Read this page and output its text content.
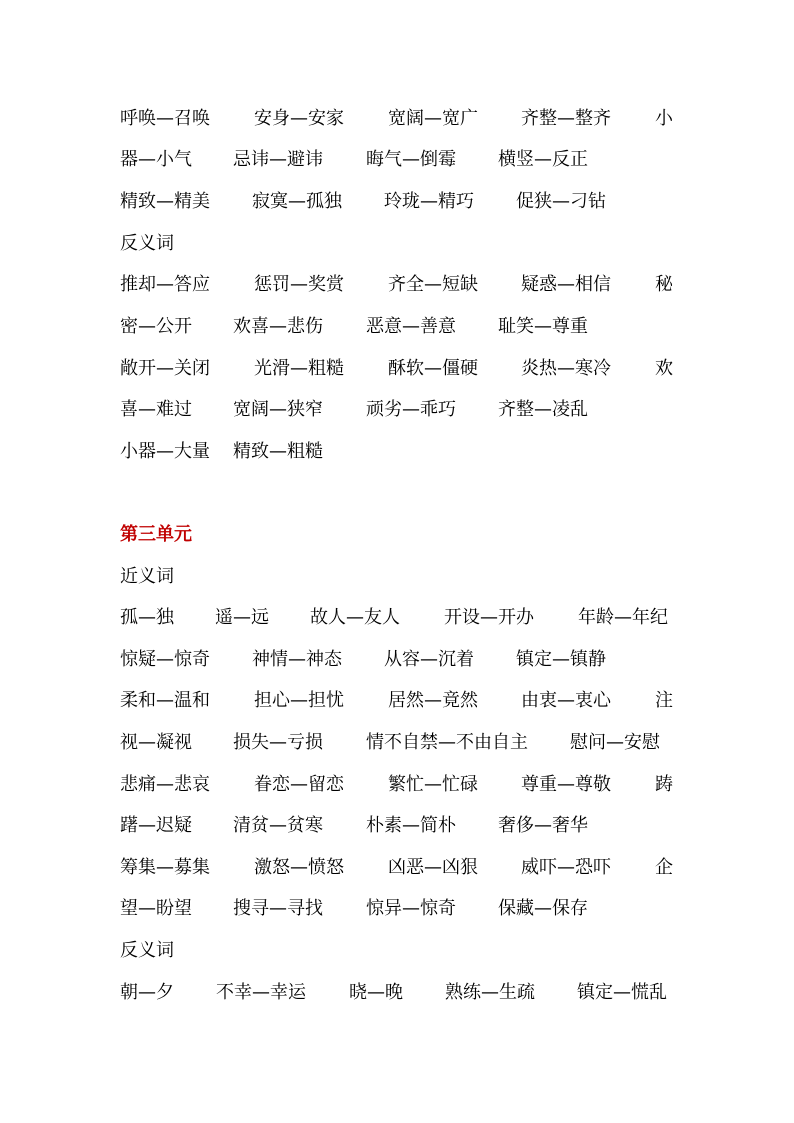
呼唤—召唤 安身—安家 宽阔—宽广 齐整—整齐 小
器—小气 忌讳—避讳 晦气—倒霉 横竖—反正
精致—精美 寂寞—孤独 玲珑—精巧 促狭—刁钻
反义词
推却—答应 惩罚—奖赏 齐全—短缺 疑惑—相信 秘
密—公开 欢喜—悲伤 恶意—善意 耻笑—尊重
敞开—关闭 光滑—粗糙 酥软—僵硬 炎热—寒冷 欢
喜—难过 宽阔—狭窄 顽劣—乖巧 齐整—凌乱
小器—大量 精致—粗糙
第三单元
近义词
孤—独 遥—远 故人—友人 开设—开办 年龄—年纪
惊疑—惊奇 神情—神态 从容—沉着 镇定—镇静
柔和—温和 担心—担忧 居然—竟然 由衷—衷心 注
视—凝视 损失—亏损 情不自禁—不由自主 慰问—安慰
悲痛—悲哀 眷恋—留恋 繁忙—忙碌 尊重—尊敬 踌
躇—迟疑 清贫—贫寒 朴素—简朴 奢侈—奢华
筹集—募集 激怒—愤怒 凶恶—凶狠 威吓—恐吓 企
望—盼望 搜寻—寻找 惊异—惊奇 保藏—保存
反义词
朝—夕 不幸—幸运 晓—晚 熟练—生疏 镇定—慌乱
